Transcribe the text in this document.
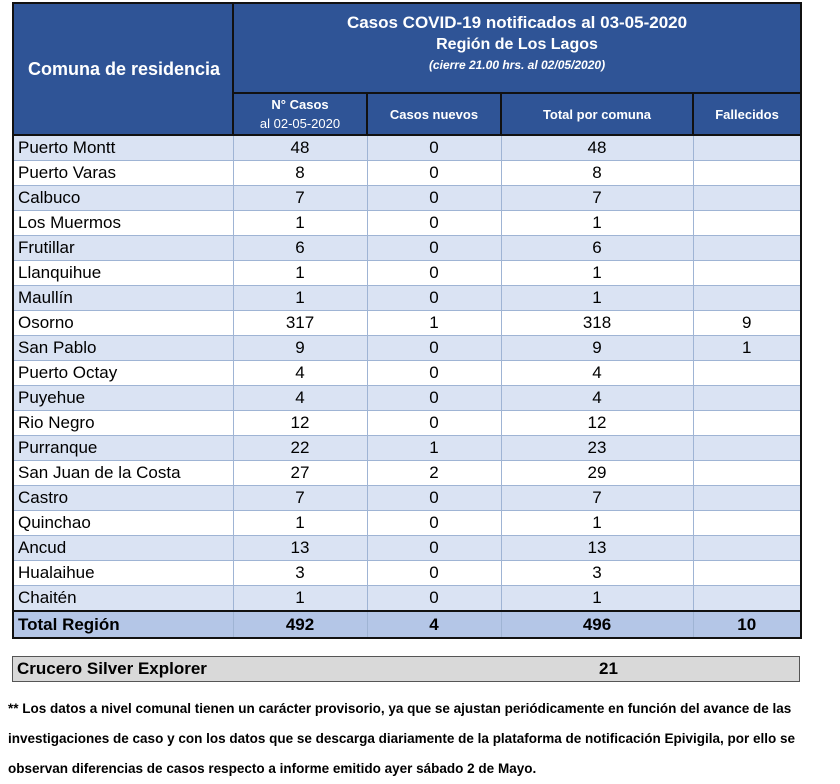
Comuna de residencia	Casos COVID-19 notificados al 03-05-2020
Región de Los Lagos
(cierre 21.00 hrs. al 02/05/2020)			

	N° Casos
al 02-05-2020	Casos nuevos	Total por comuna	Fallecidos
Puerto Montt	48	0	48	
Puerto Varas	8	0	8	
Calbuco	7	0	7	
Los Muermos	1	0	1	
Frutillar	6	0	6	
Llanquihue	1	0	1	
Maullín	1	0	1	
Osorno	317	1	318	9
San Pablo	9	0	9	1
Puerto Octay	4	0	4	
Puyehue	4	0	4	
Rio Negro	12	0	12	
Purranque	22	1	23	
San Juan de la Costa	27	2	29	
Castro	7	0	7	
Quinchao	1	0	1	
Ancud	13	0	13	
Hualaihue	3	0	3	
Chaitén	1	0	1	
Total Región	492	4	496	10
Crucero Silver Explorer	21
** Los datos a nivel comunal tienen un carácter provisorio, ya que se ajustan periódicamente en función del avance de las investigaciones de caso y con los datos que se descarga diariamente de la plataforma de notificación Epivigila, por ello se observan diferencias de casos respecto a informe emitido ayer sábado 2 de Mayo.
